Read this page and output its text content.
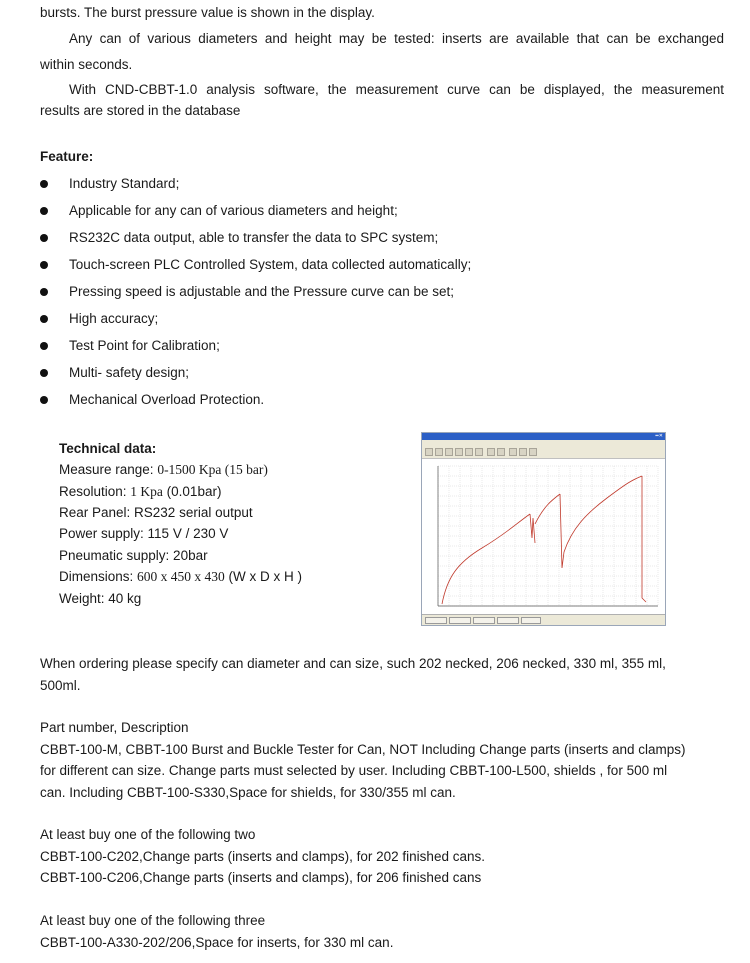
bursts. The burst pressure value is shown in the display.
Any can of various diameters and height may be tested: inserts are available that can be exchanged
within seconds.
With CND-CBBT-1.0 analysis software, the measurement curve can be displayed, the measurement
results are stored in the database
Feature:
Industry Standard;
Applicable for any can of various diameters and height;
RS232C data output, able to transfer the data to SPC system;
Touch-screen PLC Controlled System, data collected automatically;
Pressing speed is adjustable and the Pressure curve can be set;
High accuracy;
Test Point for Calibration;
Multi- safety design;
Mechanical Overload Protection.
Technical data:
Measure range: 0-1500 Kpa (15 bar)
Resolution: 1 Kpa (0.01bar)
Rear Panel: RS232 serial output
Power supply: 115 V / 230 V
Pneumatic supply: 20bar
Dimensions: 600 x 450 x 430 (W x D x H )
Weight: 40 kg
▪▪✕
When ordering please specify can diameter and can size, such 202 necked, 206 necked, 330 ml, 355 ml,
500ml.
Part number, Description
CBBT-100-M, CBBT-100 Burst and Buckle Tester for Can, NOT Including Change parts (inserts and clamps)
for different can size. Change parts must selected by user. Including CBBT-100-L500, shields , for 500 ml
can. Including CBBT-100-S330,Space for shields, for 330/355 ml can.
At least buy one of the following two
CBBT-100-C202,Change parts (inserts and clamps), for 202 finished cans.
CBBT-100-C206,Change parts (inserts and clamps), for 206 finished cans
At least buy one of the following three
CBBT-100-A330-202/206,Space for inserts, for 330 ml can.
